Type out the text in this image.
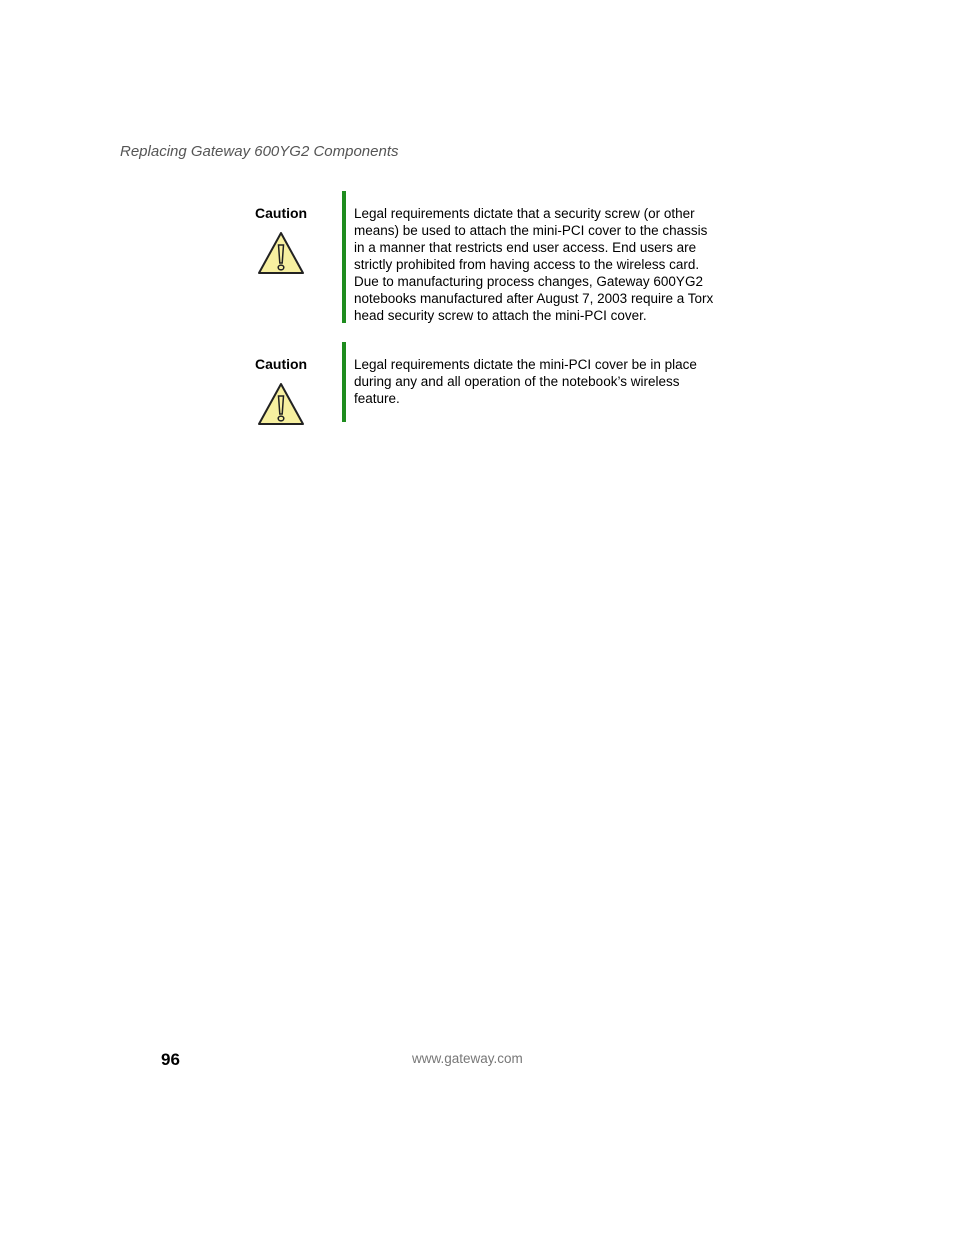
Replacing Gateway 600YG2 Components
Caution	Legal requirements dictate that a security screw (or other means) be used to attach the mini-PCI cover to the chassis in a manner that restricts end user access. End users are strictly prohibited from having access to the wireless card. Due to manufacturing process changes, Gateway 600YG2 notebooks manufactured after August 7, 2003 require a Torx head security screw to attach the mini-PCI cover.
Caution	Legal requirements dictate the mini-PCI cover be in place during any and all operation of the notebook’s wireless feature.
96	www.gateway.com
